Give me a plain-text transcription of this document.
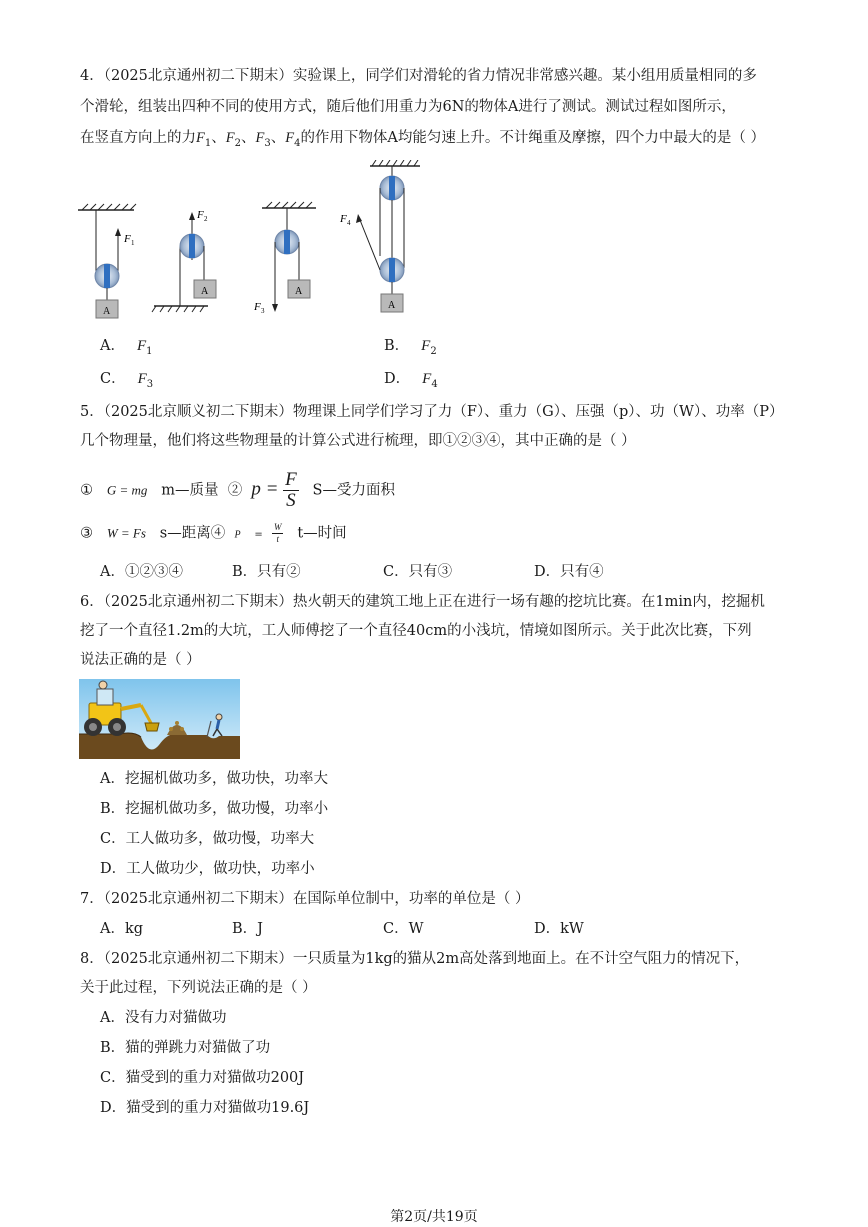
4．（2025北京通州初二下期末）实验课上，同学们对滑轮的省力情况非常感兴趣。某小组用质量相同的多
个滑轮，组装出四种不同的使用方式，随后他们用重力为6N的物体A进行了测试。测试过程如图所示，
在竖直方向上的力$F_1$、$F_2$、$F_3$、$F_4$的作用下物体A均能匀速上升。不计绳重及摩擦，四个力中最大的是（ ）
A
F 1
A
F 2
A
F 3	A
F 4
A． $F_1$	B． $F_2$
C． $F_3$	D． $F_4$
5．（2025北京顺义初二下期末）物理课上同学们学习了力（F）、重力（G）、压强（p）、功（W）、功率（P）
几个物理量，他们将这些物理量的计算公式进行梳理，即①②③④，其中正确的是（ ）
① G = mg m—质量 ② $p = \frac{F}{S}$ S—受力面积
③ W = Fs s—距离④ $P = \frac{W}{t}$ t—时间
A．①②③④	B．只有②	C．只有③	D．只有④
6．（2025北京通州初二下期末）热火朝天的建筑工地上正在进行一场有趣的挖坑比赛。在1min内，挖掘机
挖了一个直径1.2m的大坑，工人师傅挖了一个直径40cm的小浅坑，情境如图所示。关于此次比赛，下列
说法正确的是（ ）
A．挖掘机做功多，做功快，功率大
B．挖掘机做功多，做功慢，功率小
C．工人做功多，做功慢，功率大
D．工人做功少，做功快，功率小
7．（2025北京通州初二下期末）在国际单位制中，功率的单位是（ ）
A．kg	B．J	C．W	D．kW
8．（2025北京通州初二下期末）一只质量为1kg的猫从2m高处落到地面上。在不计空气阻力的情况下，
关于此过程，下列说法正确的是（ ）
A．没有力对猫做功
B．猫的弹跳力对猫做了功
C．猫受到的重力对猫做功200J
D．猫受到的重力对猫做功19.6J
第2页/共19页
